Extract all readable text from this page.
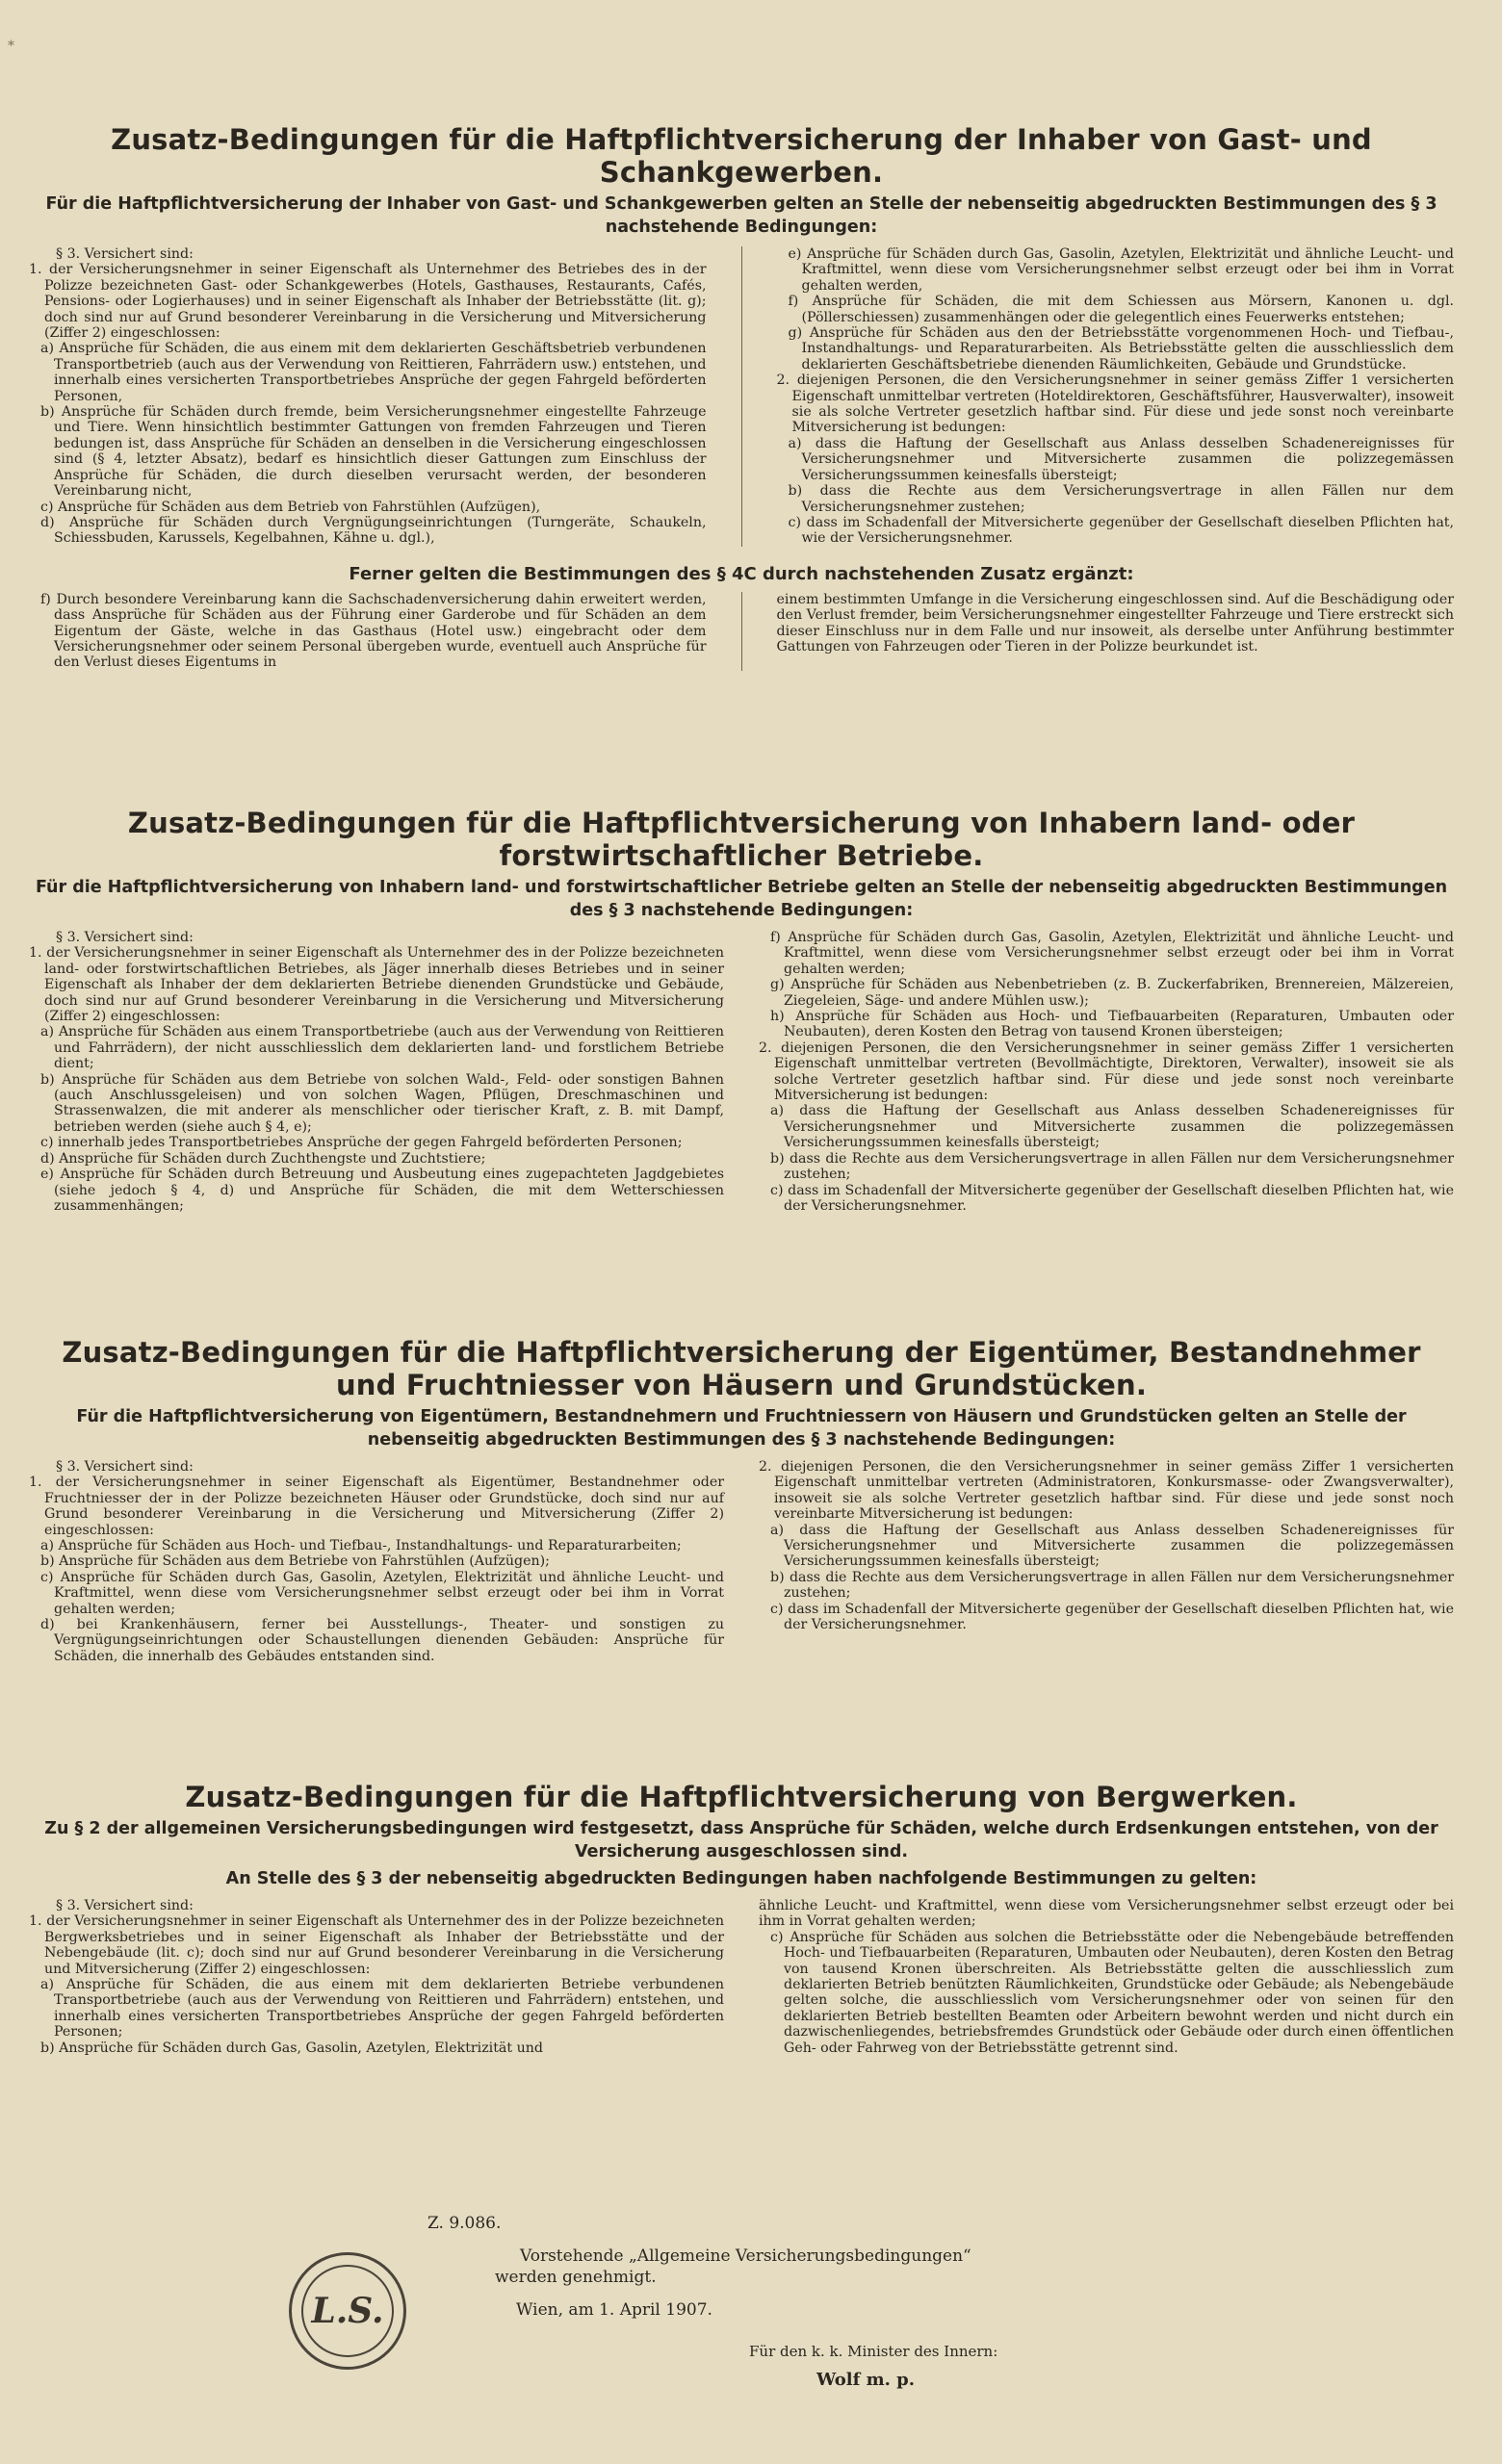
*
Zusatz-Bedingungen für die Haftpflichtversicherung der Inhaber von Gast- und Schankgewerben.

Für die Haftpflichtversicherung der Inhaber von Gast- und Schankgewerben gelten an Stelle der nebenseitig abgedruckten Bestimmungen des § 3 nachstehende Bedingungen:

§ 3. Versichert sind:

1. der Versicherungsnehmer in seiner Eigenschaft als Unternehmer des Betriebes des in der Polizze bezeichneten Gast- oder Schankgewerbes (Hotels, Gasthauses, Restaurants, Cafés, Pensions- oder Logierhauses) und in seiner Eigenschaft als Inhaber der Betriebsstätte (lit. g); doch sind nur auf Grund besonderer Vereinbarung in die Versicherung und Mitversicherung (Ziffer 2) eingeschlossen:

a) Ansprüche für Schäden, die aus einem mit dem deklarierten Geschäftsbetrieb verbundenen Transportbetrieb (auch aus der Verwendung von Reittieren, Fahrrädern usw.) entstehen, und innerhalb eines versicherten Transportbetriebes Ansprüche der gegen Fahrgeld beförderten Personen,

b) Ansprüche für Schäden durch fremde, beim Versicherungsnehmer eingestellte Fahrzeuge und Tiere. Wenn hinsichtlich bestimmter Gattungen von fremden Fahrzeugen und Tieren bedungen ist, dass Ansprüche für Schäden an denselben in die Versicherung eingeschlossen sind (§ 4, letzter Absatz), bedarf es hinsichtlich dieser Gattungen zum Einschluss der Ansprüche für Schäden, die durch dieselben verursacht werden, der besonderen Vereinbarung nicht,

c) Ansprüche für Schäden aus dem Betrieb von Fahrstühlen (Aufzügen),

d) Ansprüche für Schäden durch Vergnügungseinrichtungen (Turngeräte, Schaukeln, Schiessbuden, Karussels, Kegelbahnen, Kähne u. dgl.),

e) Ansprüche für Schäden durch Gas, Gasolin, Azetylen, Elektrizität und ähnliche Leucht- und Kraftmittel, wenn diese vom Versicherungsnehmer selbst erzeugt oder bei ihm in Vorrat gehalten werden,

f) Ansprüche für Schäden, die mit dem Schiessen aus Mörsern, Kanonen u. dgl. (Pöllerschiessen) zusammenhängen oder die gelegentlich eines Feuerwerks entstehen;

g) Ansprüche für Schäden aus den der Betriebsstätte vorgenommenen Hoch- und Tiefbau-, Instandhaltungs- und Reparaturarbeiten. Als Betriebsstätte gelten die ausschliesslich dem deklarierten Geschäftsbetriebe dienenden Räumlichkeiten, Gebäude und Grundstücke.

2. diejenigen Personen, die den Versicherungsnehmer in seiner gemäss Ziffer 1 versicherten Eigenschaft unmittelbar vertreten (Hoteldirektoren, Geschäftsführer, Hausverwalter), insoweit sie als solche Vertreter gesetzlich haftbar sind. Für diese und jede sonst noch vereinbarte Mitversicherung ist bedungen:

a) dass die Haftung der Gesellschaft aus Anlass desselben Schadenereignisses für Versicherungsnehmer und Mitversicherte zusammen die polizzegemässen Versicherungssummen keinesfalls übersteigt;

b) dass die Rechte aus dem Versicherungsvertrage in allen Fällen nur dem Versicherungsnehmer zustehen;

c) dass im Schadenfall der Mitversicherte gegenüber der Gesellschaft dieselben Pflichten hat, wie der Versicherungsnehmer.

Ferner gelten die Bestimmungen des § 4C durch nachstehenden Zusatz ergänzt:

f) Durch besondere Vereinbarung kann die Sachschadenversicherung dahin erweitert werden, dass Ansprüche für Schäden aus der Führung einer Garderobe und für Schäden an dem Eigentum der Gäste, welche in das Gasthaus (Hotel usw.) eingebracht oder dem Versicherungsnehmer oder seinem Personal übergeben wurde, eventuell auch Ansprüche für den Verlust dieses Eigentums in

einem bestimmten Umfange in die Versicherung eingeschlossen sind. Auf die Beschädigung oder den Verlust fremder, beim Versicherungsnehmer eingestellter Fahrzeuge und Tiere erstreckt sich dieser Einschluss nur in dem Falle und nur insoweit, als derselbe unter Anführung bestimmter Gattungen von Fahrzeugen oder Tieren in der Polizze beurkundet ist.

Zusatz-Bedingungen für die Haftpflichtversicherung von Inhabern land- oder forstwirtschaftlicher Betriebe.

Für die Haftpflichtversicherung von Inhabern land- und forstwirtschaftlicher Betriebe gelten an Stelle der nebenseitig abgedruckten Bestimmungen des § 3 nachstehende Bedingungen:

§ 3. Versichert sind:

1. der Versicherungsnehmer in seiner Eigenschaft als Unternehmer des in der Polizze bezeichneten land- oder forstwirtschaftlichen Betriebes, als Jäger innerhalb dieses Betriebes und in seiner Eigenschaft als Inhaber der dem deklarierten Betriebe dienenden Grundstücke und Gebäude, doch sind nur auf Grund besonderer Vereinbarung in die Versicherung und Mitversicherung (Ziffer 2) eingeschlossen:

a) Ansprüche für Schäden aus einem Transportbetriebe (auch aus der Verwendung von Reittieren und Fahrrädern), der nicht ausschliesslich dem deklarierten land- und forstlichem Betriebe dient;

b) Ansprüche für Schäden aus dem Betriebe von solchen Wald-, Feld- oder sonstigen Bahnen (auch Anschlussgeleisen) und von solchen Wagen, Pflügen, Dreschmaschinen und Strassenwalzen, die mit anderer als menschlicher oder tierischer Kraft, z. B. mit Dampf, betrieben werden (siehe auch § 4, e);

c) innerhalb jedes Transportbetriebes Ansprüche der gegen Fahrgeld beförderten Personen;

d) Ansprüche für Schäden durch Zuchthengste und Zuchtstiere;

e) Ansprüche für Schäden durch Betreuung und Ausbeutung eines zugepachteten Jagdgebietes (siehe jedoch § 4, d) und Ansprüche für Schäden, die mit dem Wetterschiessen zusammenhängen;

f) Ansprüche für Schäden durch Gas, Gasolin, Azetylen, Elektrizität und ähnliche Leucht- und Kraftmittel, wenn diese vom Versicherungsnehmer selbst erzeugt oder bei ihm in Vorrat gehalten werden;

g) Ansprüche für Schäden aus Nebenbetrieben (z. B. Zuckerfabriken, Brennereien, Mälzereien, Ziegeleien, Säge- und andere Mühlen usw.);

h) Ansprüche für Schäden aus Hoch- und Tiefbauarbeiten (Reparaturen, Umbauten oder Neubauten), deren Kosten den Betrag von tausend Kronen übersteigen;

2. diejenigen Personen, die den Versicherungsnehmer in seiner gemäss Ziffer 1 versicherten Eigenschaft unmittelbar vertreten (Bevollmächtigte, Direktoren, Verwalter), insoweit sie als solche Vertreter gesetzlich haftbar sind. Für diese und jede sonst noch vereinbarte Mitversicherung ist bedungen:

a) dass die Haftung der Gesellschaft aus Anlass desselben Schadenereignisses für Versicherungsnehmer und Mitversicherte zusammen die polizzegemässen Versicherungssummen keinesfalls übersteigt;

b) dass die Rechte aus dem Versicherungsvertrage in allen Fällen nur dem Versicherungsnehmer zustehen;

c) dass im Schadenfall der Mitversicherte gegenüber der Gesellschaft dieselben Pflichten hat, wie der Versicherungsnehmer.

Zusatz-Bedingungen für die Haftpflichtversicherung der Eigentümer, Bestandnehmer und Fruchtniesser von Häusern und Grundstücken.

Für die Haftpflichtversicherung von Eigentümern, Bestandnehmern und Fruchtniessern von Häusern und Grundstücken gelten an Stelle der nebenseitig abgedruckten Bestimmungen des § 3 nachstehende Bedingungen:

§ 3. Versichert sind:

1. der Versicherungsnehmer in seiner Eigenschaft als Eigentümer, Bestandnehmer oder Fruchtniesser der in der Polizze bezeichneten Häuser oder Grundstücke, doch sind nur auf Grund besonderer Vereinbarung in die Versicherung und Mitversicherung (Ziffer 2) eingeschlossen:

a) Ansprüche für Schäden aus Hoch- und Tiefbau-, Instandhaltungs- und Reparaturarbeiten;

b) Ansprüche für Schäden aus dem Betriebe von Fahrstühlen (Aufzügen);

c) Ansprüche für Schäden durch Gas, Gasolin, Azetylen, Elektrizität und ähnliche Leucht- und Kraftmittel, wenn diese vom Versicherungsnehmer selbst erzeugt oder bei ihm in Vorrat gehalten werden;

d) bei Krankenhäusern, ferner bei Ausstellungs-, Theater- und sonstigen zu Vergnügungseinrichtungen oder Schaustellungen dienenden Gebäuden: Ansprüche für Schäden, die innerhalb des Gebäudes entstanden sind.

2. diejenigen Personen, die den Versicherungsnehmer in seiner gemäss Ziffer 1 versicherten Eigenschaft unmittelbar vertreten (Administratoren, Konkursmasse- oder Zwangsverwalter), insoweit sie als solche Vertreter gesetzlich haftbar sind. Für diese und jede sonst noch vereinbarte Mitversicherung ist bedungen:

a) dass die Haftung der Gesellschaft aus Anlass desselben Schadenereignisses für Versicherungsnehmer und Mitversicherte zusammen die polizzegemässen Versicherungssummen keinesfalls übersteigt;

b) dass die Rechte aus dem Versicherungsvertrage in allen Fällen nur dem Versicherungsnehmer zustehen;

c) dass im Schadenfall der Mitversicherte gegenüber der Gesellschaft dieselben Pflichten hat, wie der Versicherungsnehmer.

Zusatz-Bedingungen für die Haftpflichtversicherung von Bergwerken.

Zu § 2 der allgemeinen Versicherungsbedingungen wird festgesetzt, dass Ansprüche für Schäden, welche durch Erdsenkungen entstehen, von der Versicherung ausgeschlossen sind.

An Stelle des § 3 der nebenseitig abgedruckten Bedingungen haben nachfolgende Bestimmungen zu gelten:

§ 3. Versichert sind:

1. der Versicherungsnehmer in seiner Eigenschaft als Unternehmer des in der Polizze bezeichneten Bergwerksbetriebes und in seiner Eigenschaft als Inhaber der Betriebsstätte und der Nebengebäude (lit. c); doch sind nur auf Grund besonderer Vereinbarung in die Versicherung und Mitversicherung (Ziffer 2) eingeschlossen:

a) Ansprüche für Schäden, die aus einem mit dem deklarierten Betriebe verbundenen Transportbetriebe (auch aus der Verwendung von Reittieren und Fahrrädern) entstehen, und innerhalb eines versicherten Transportbetriebes Ansprüche der gegen Fahrgeld beförderten Personen;

b) Ansprüche für Schäden durch Gas, Gasolin, Azetylen, Elektrizität und

ähnliche Leucht- und Kraftmittel, wenn diese vom Versicherungsnehmer selbst erzeugt oder bei ihm in Vorrat gehalten werden;

c) Ansprüche für Schäden aus solchen die Betriebsstätte oder die Nebengebäude betreffenden Hoch- und Tiefbauarbeiten (Reparaturen, Umbauten oder Neubauten), deren Kosten den Betrag von tausend Kronen überschreiten. Als Betriebsstätte gelten die ausschliesslich zum deklarierten Betrieb benützten Räumlichkeiten, Grundstücke oder Gebäude; als Nebengebäude gelten solche, die ausschliesslich vom Versicherungsnehmer oder von seinen für den deklarierten Betrieb bestellten Beamten oder Arbeitern bewohnt werden und nicht durch ein dazwischenliegendes, betriebsfremdes Grundstück oder Gebäude oder durch einen öffentlichen Geh- oder Fahrweg von der Betriebsstätte getrennt sind.

Z. 9.086.
Vorstehende „Allgemeine Versicherungsbedingungen“
werden genehmigt.
Wien, am 1. April 1907.
Für den k. k. Minister des Innern:
Wolf m. p.
L.S.
